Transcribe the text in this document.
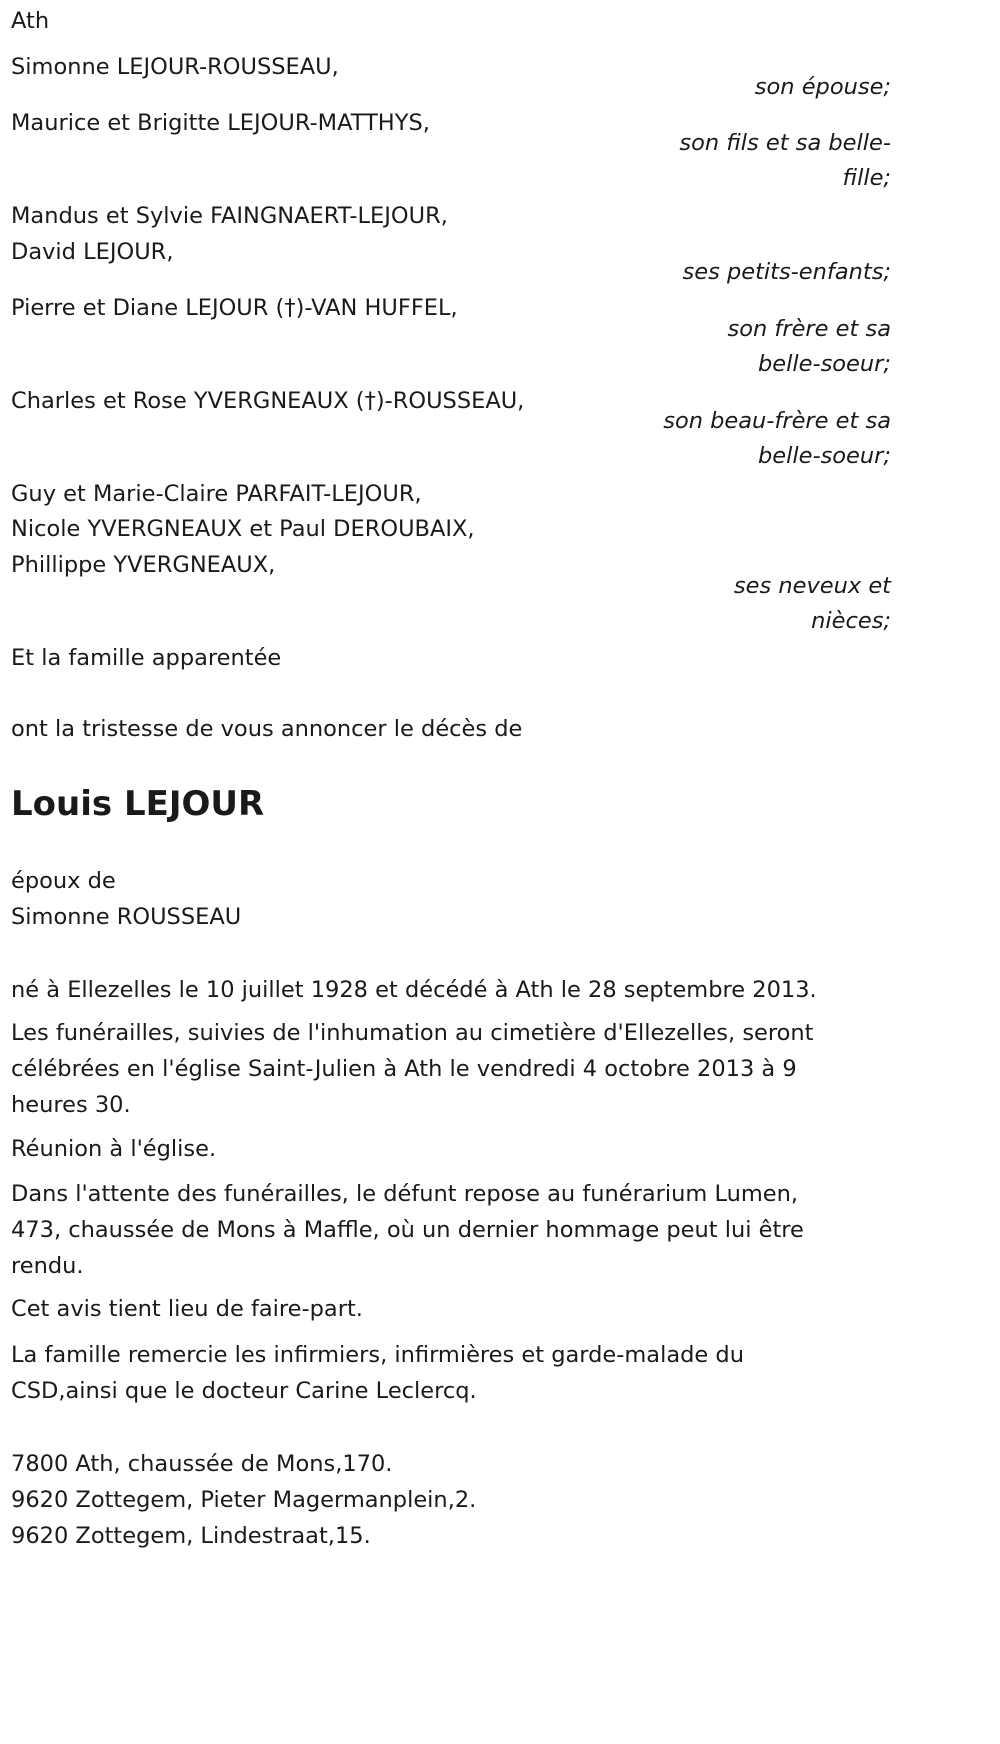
Ath
Simonne LEJOUR-ROUSSEAU,
son épouse;
Maurice et Brigitte LEJOUR-MATTHYS,
son fils et sa belle-
fille;
Mandus et Sylvie FAINGNAERT-LEJOUR,
David LEJOUR,
ses petits-enfants;
Pierre et Diane LEJOUR (†)-VAN HUFFEL,
son frère et sa
belle-soeur;
Charles et Rose YVERGNEAUX (†)-ROUSSEAU,
son beau-frère et sa
belle-soeur;
Guy et Marie-Claire PARFAIT-LEJOUR,
Nicole YVERGNEAUX et Paul DEROUBAIX,
Phillippe YVERGNEAUX,
ses neveux et
nièces;
Et la famille apparentée
ont la tristesse de vous annoncer le décès de
Louis LEJOUR
époux de
Simonne ROUSSEAU
né à Ellezelles le 10 juillet 1928 et décédé à Ath le 28 septembre 2013.
Les funérailles, suivies de l'inhumation au cimetière d'Ellezelles, seront
célébrées en l'église Saint-Julien à Ath le vendredi 4 octobre 2013 à 9
heures 30.
Réunion à l'église.
Dans l'attente des funérailles, le défunt repose au funérarium Lumen,
473, chaussée de Mons à Maffle, où un dernier hommage peut lui être
rendu.
Cet avis tient lieu de faire-part.
La famille remercie les infirmiers, infirmières et garde-malade du
CSD,ainsi que le docteur Carine Leclercq.
7800 Ath, chaussée de Mons,170.
9620 Zottegem, Pieter Magermanplein,2.
9620 Zottegem, Lindestraat,15.
